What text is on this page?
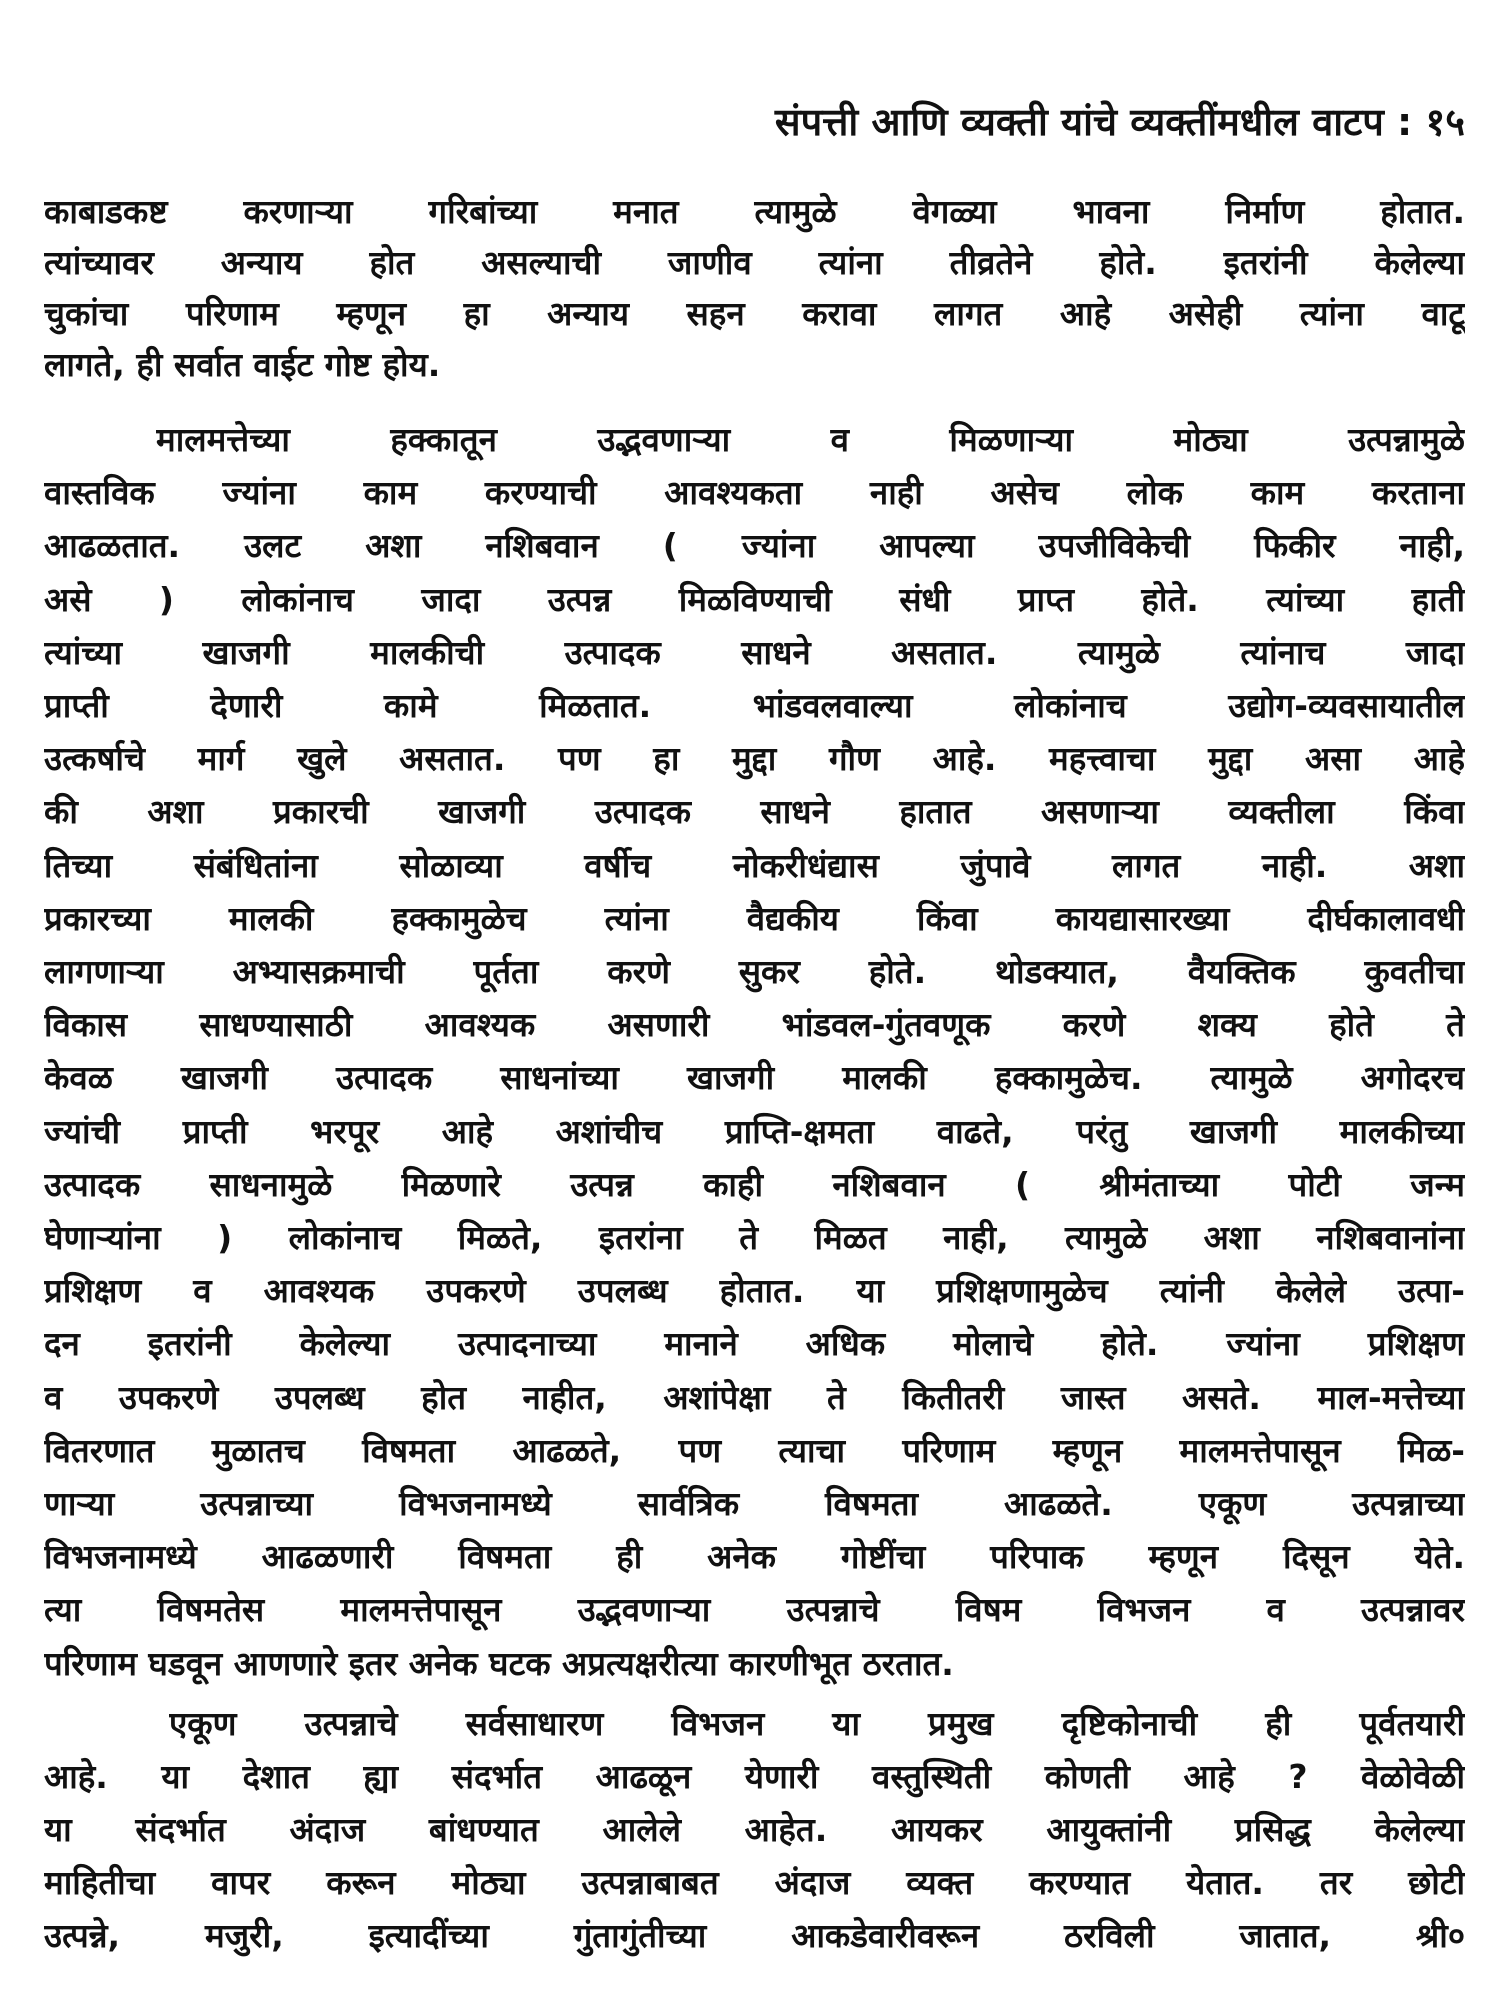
संपत्ती आणि व्यक्ती यांचे व्यक्तींमधील वाटप : १५
काबाडकष्ट करणाऱ्या गरिबांच्या मनात त्यामुळे वेगळ्या भावना निर्माण होतात.
त्यांच्यावर अन्याय होत असल्याची जाणीव त्यांना तीव्रतेने होते. इतरांनी केलेल्या
चुकांचा परिणाम म्हणून हा अन्याय सहन करावा लागत आहे असेही त्यांना वाटू
लागते, ही सर्वात वाईट गोष्ट होय.
मालमत्तेच्या हक्कातून उद्भवणाऱ्या व मिळणाऱ्या मोठ्या उत्पन्नामुळे
वास्तविक ज्यांना काम करण्याची आवश्यकता नाही असेच लोक काम करताना
आढळतात. उलट अशा नशिबवान ( ज्यांना आपल्या उपजीविकेची फिकीर नाही,
असे ) लोकांनाच जादा उत्पन्न मिळविण्याची संधी प्राप्त होते. त्यांच्या हाती
त्यांच्या खाजगी मालकीची उत्पादक साधने असतात. त्यामुळे त्यांनाच जादा
प्राप्ती देणारी कामे मिळतात. भांडवलवाल्या लोकांनाच उद्योग-व्यवसायातील
उत्कर्षाचे मार्ग खुले असतात. पण हा मुद्दा गौण आहे. महत्त्वाचा मुद्दा असा आहे
की अशा प्रकारची खाजगी उत्पादक साधने हातात असणाऱ्या व्यक्तीला किंवा
तिच्या संबंधितांना सोळाव्या वर्षीच नोकरीधंद्यास जुंपावे लागत नाही. अशा
प्रकारच्या मालकी हक्कामुळेच त्यांना वैद्यकीय किंवा कायद्यासारख्या दीर्घकालावधी
लागणाऱ्या अभ्यासक्रमाची पूर्तता करणे सुकर होते. थोडक्यात, वैयक्तिक कुवतीचा
विकास साधण्यासाठी आवश्यक असणारी भांडवल-गुंतवणूक करणे शक्य होते ते
केवळ खाजगी उत्पादक साधनांच्या खाजगी मालकी हक्कामुळेच. त्यामुळे अगोदरच
ज्यांची प्राप्ती भरपूर आहे अशांचीच प्राप्ति-क्षमता वाढते, परंतु खाजगी मालकीच्या
उत्पादक साधनामुळे मिळणारे उत्पन्न काही नशिबवान ( श्रीमंताच्या पोटी जन्म
घेणाऱ्यांना ) लोकांनाच मिळते, इतरांना ते मिळत नाही, त्यामुळे अशा नशिबवानांना
प्रशिक्षण व आवश्यक उपकरणे उपलब्ध होतात. या प्रशिक्षणामुळेच त्यांनी केलेले उत्पा-
दन इतरांनी केलेल्या उत्पादनाच्या मानाने अधिक मोलाचे होते. ज्यांना प्रशिक्षण
व उपकरणे उपलब्ध होत नाहीत, अशांपेक्षा ते कितीतरी जास्त असते. माल-मत्तेच्या
वितरणात मुळातच विषमता आढळते, पण त्याचा परिणाम म्हणून मालमत्तेपासून मिळ-
णाऱ्या उत्पन्नाच्या विभजनामध्ये सार्वत्रिक विषमता आढळते. एकूण उत्पन्नाच्या
विभजनामध्ये आढळणारी विषमता ही अनेक गोष्टींचा परिपाक म्हणून दिसून येते.
त्या विषमतेस मालमत्तेपासून उद्भवणाऱ्या उत्पन्नाचे विषम विभजन व उत्पन्नावर
परिणाम घडवून आणणारे इतर अनेक घटक अप्रत्यक्षरीत्या कारणीभूत ठरतात.
एकूण उत्पन्नाचे सर्वसाधारण विभजन या प्रमुख दृष्टिकोनाची ही पूर्वतयारी
आहे. या देशात ह्या संदर्भात आढळून येणारी वस्तुस्थिती कोणती आहे ? वेळोवेळी
या संदर्भात अंदाज बांधण्यात आलेले आहेत. आयकर आयुक्तांनी प्रसिद्ध केलेल्या
माहितीचा वापर करून मोठ्या उत्पन्नाबाबत अंदाज व्यक्त करण्यात येतात. तर छोटी
उत्पन्ने, मजुरी, इत्यादींच्या गुंतागुंतीच्या आकडेवारीवरून ठरविली जातात, श्री०
